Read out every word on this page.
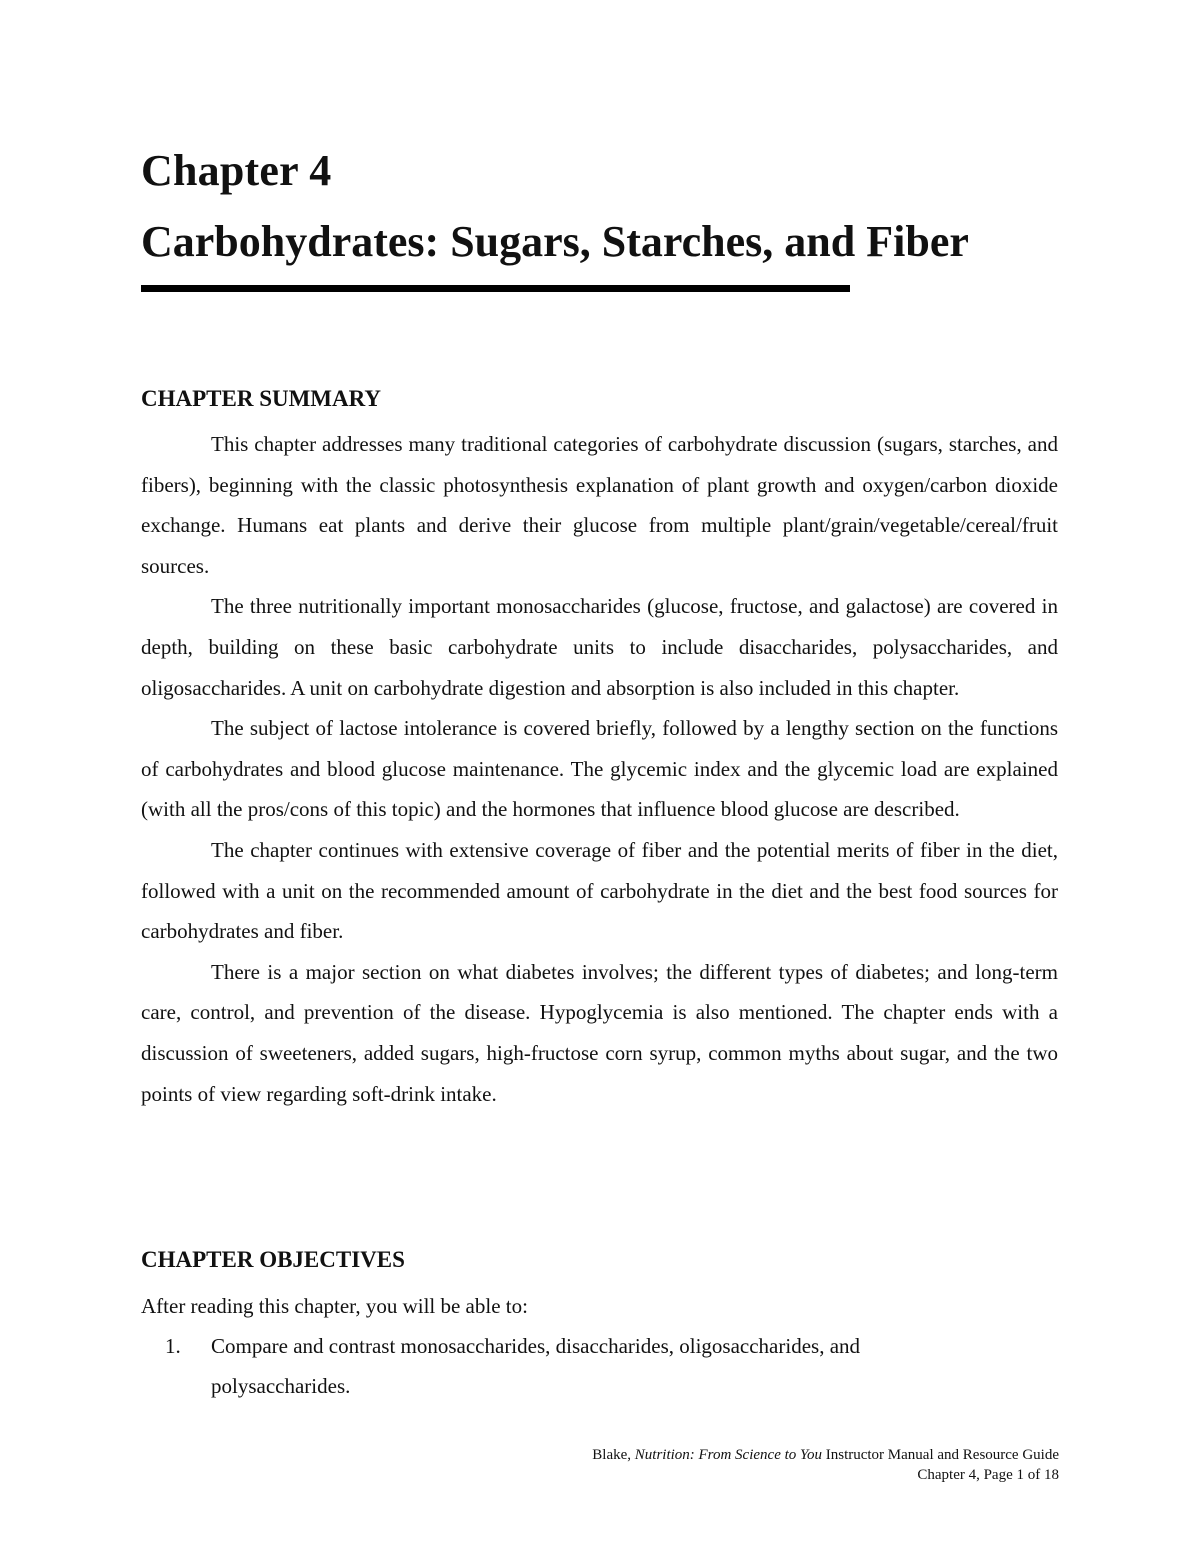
Chapter 4
Carbohydrates: Sugars, Starches, and Fiber
CHAPTER SUMMARY

This chapter addresses many traditional categories of carbohydrate discussion (sugars, starches, and fibers), beginning with the classic photosynthesis explanation of plant growth and oxygen/carbon dioxide exchange. Humans eat plants and derive their glucose from multiple plant/grain/vegetable/cereal/fruit sources.

The three nutritionally important monosaccharides (glucose, fructose, and galactose) are covered in depth, building on these basic carbohydrate units to include disaccharides, polysaccharides, and oligosaccharides. A unit on carbohydrate digestion and absorption is also included in this chapter.

The subject of lactose intolerance is covered briefly, followed by a lengthy section on the functions of carbohydrates and blood glucose maintenance. The glycemic index and the glycemic load are explained (with all the pros/cons of this topic) and the hormones that influence blood glucose are described.

The chapter continues with extensive coverage of fiber and the potential merits of fiber in the diet, followed with a unit on the recommended amount of carbohydrate in the diet and the best food sources for carbohydrates and fiber.

There is a major section on what diabetes involves; the different types of diabetes; and long-term care, control, and prevention of the disease. Hypoglycemia is also mentioned. The chapter ends with a discussion of sweeteners, added sugars, high-fructose corn syrup, common myths about sugar, and the two points of view regarding soft-drink intake.

CHAPTER OBJECTIVES

After reading this chapter, you will be able to:

1. Compare and contrast monosaccharides, disaccharides, oligosaccharides, and polysaccharides.
Blake, Nutrition: From Science to You Instructor Manual and Resource Guide
Chapter 4, Page 1 of 18
